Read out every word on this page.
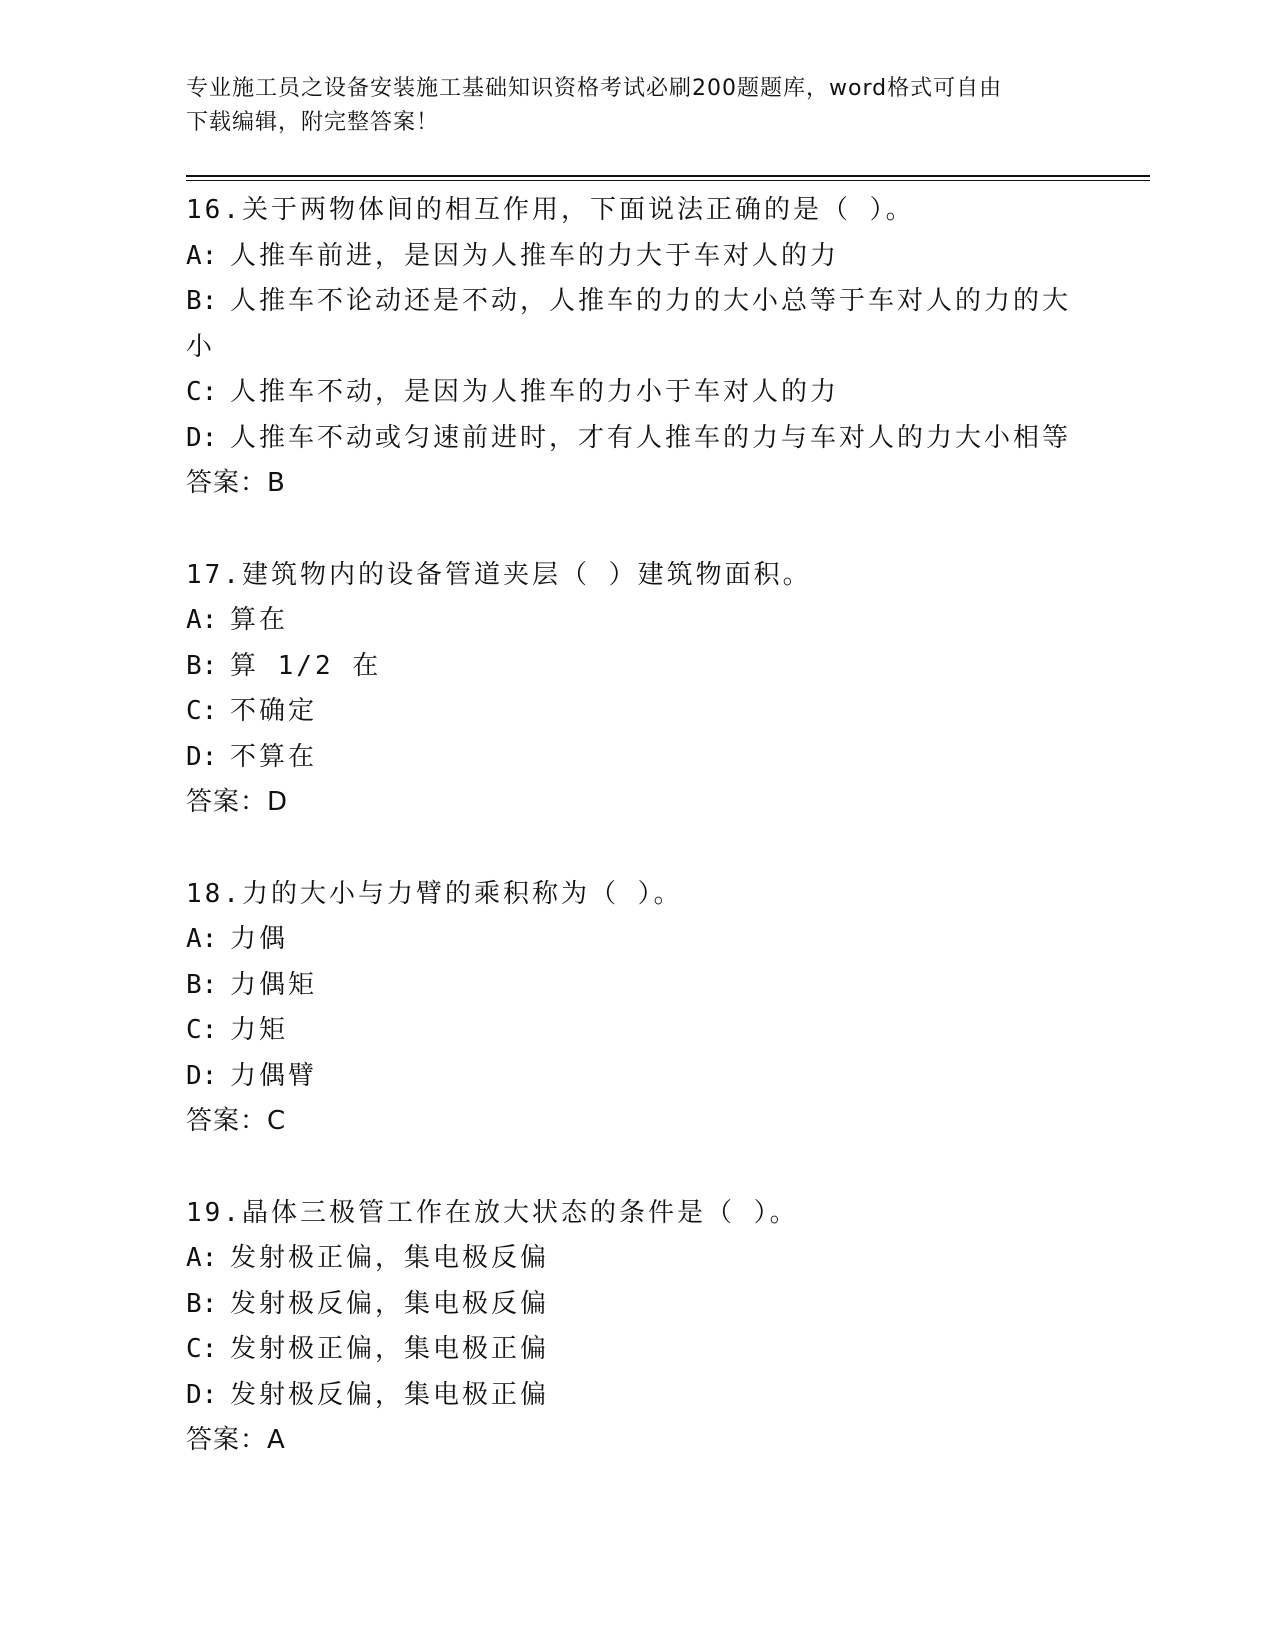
专业施工员之设备安装施工基础知识资格考试必刷200题题库，word格式可自由
下载编辑，附完整答案！
16.关于两物体间的相互作用，下面说法正确的是（ ）。
A: 人推车前进，是因为人推车的力大于车对人的力
B: 人推车不论动还是不动，人推车的力的大小总等于车对人的力的大
小
C: 人推车不动，是因为人推车的力小于车对人的力
D: 人推车不动或匀速前进时，才有人推车的力与车对人的力大小相等
答案：B
17.建筑物内的设备管道夹层（ ）建筑物面积。
A: 算在
B: 算 1/2 在
C: 不确定
D: 不算在
答案：D
18.力的大小与力臂的乘积称为（ ）。
A: 力偶
B: 力偶矩
C: 力矩
D: 力偶臂
答案：C
19.晶体三极管工作在放大状态的条件是（ ）。
A: 发射极正偏，集电极反偏
B: 发射极反偏，集电极反偏
C: 发射极正偏，集电极正偏
D: 发射极反偏，集电极正偏
答案：A
